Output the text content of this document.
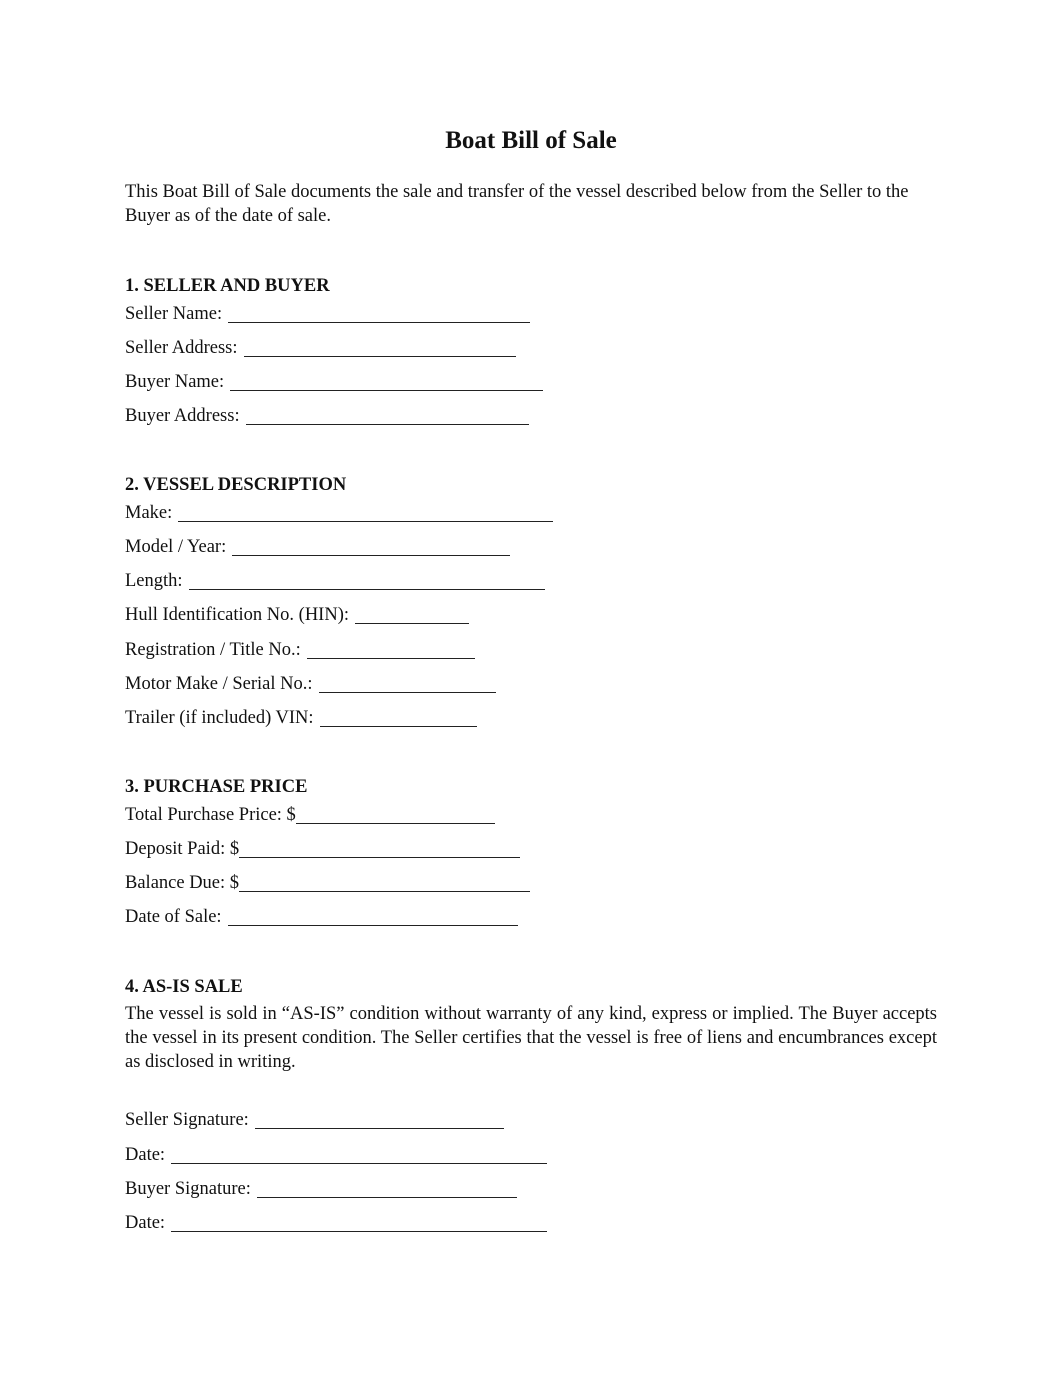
Boat Bill of Sale
This Boat Bill of Sale documents the sale and transfer of the vessel described below from the Seller to the Buyer as of the date of sale.
1. SELLER AND BUYER
Seller Name:
Seller Address:
Buyer Name:
Buyer Address:
2. VESSEL DESCRIPTION
Make:
Model / Year:
Length:
Hull Identification No. (HIN):
Registration / Title No.:
Motor Make / Serial No.:
Trailer (if included) VIN:
3. PURCHASE PRICE
Total Purchase Price: $
Deposit Paid: $
Balance Due: $
Date of Sale:
4. AS-IS SALE
The vessel is sold in “AS-IS” condition without warranty of any kind, express or implied. The Buyer accepts the vessel in its present condition. The Seller certifies that the vessel is free of liens and encumbrances except as disclosed in writing.
Seller Signature:
Date:
Buyer Signature:
Date:
